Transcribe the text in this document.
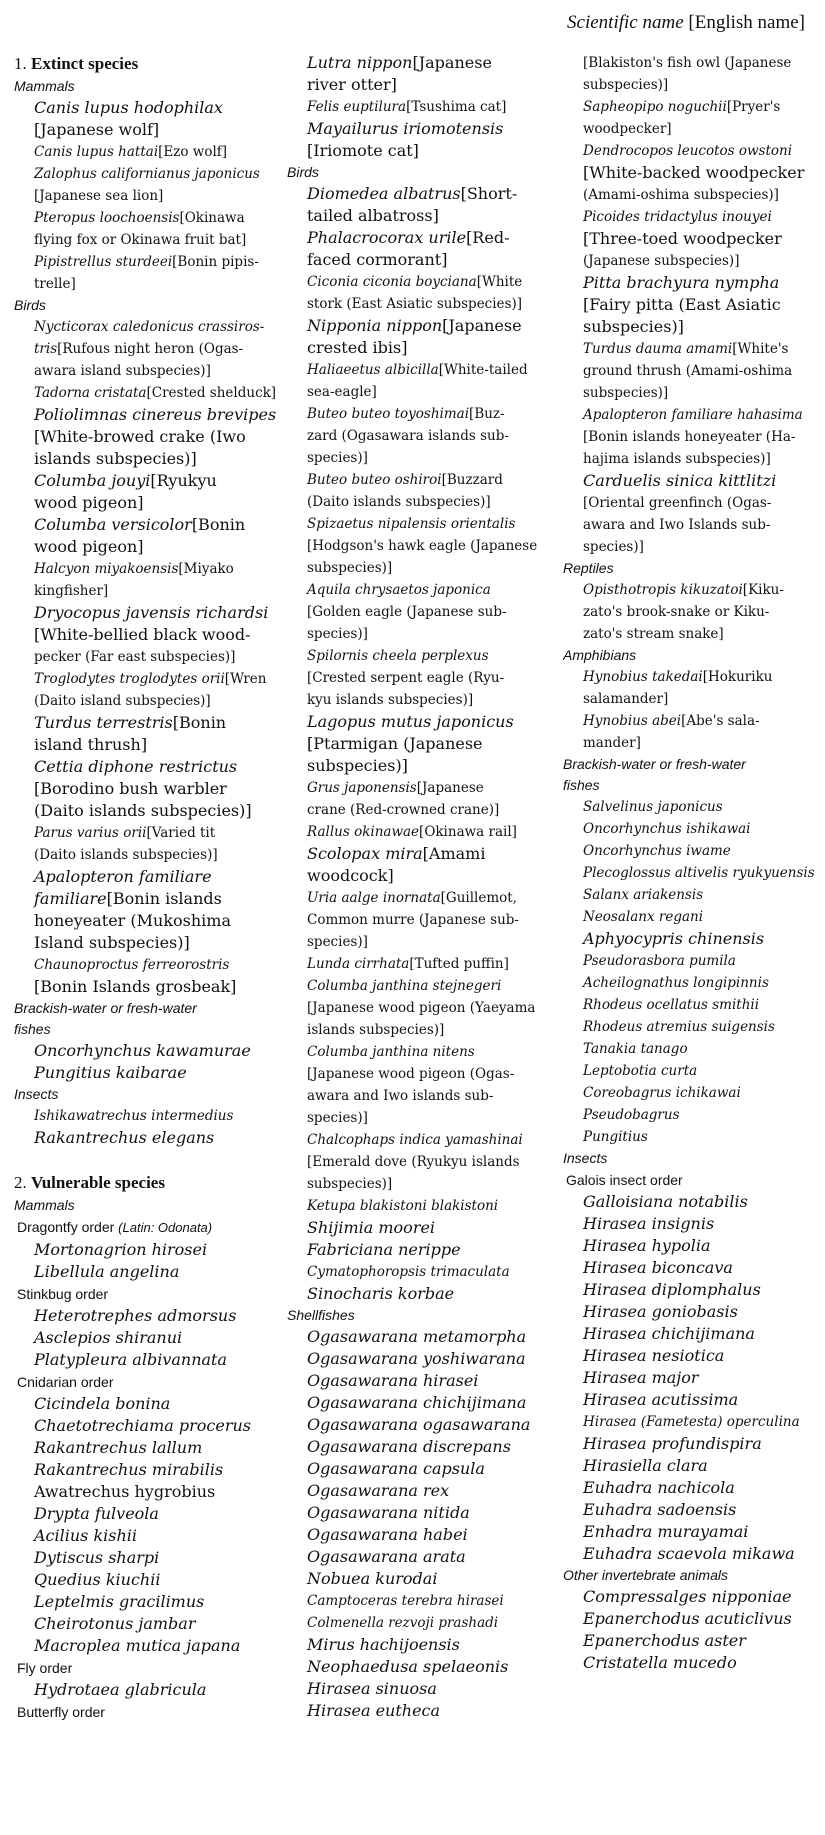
Scientific name [English name]
1. Extinct species
Mammals
Canis lupus hodophilax
[Japanese wolf]
Canis lupus hattai[Ezo wolf]
Zalophus californianus japonicus
[Japanese sea lion]
Pteropus loochoensis[Okinawa
flying fox or Okinawa fruit bat]
Pipistrellus sturdeei[Bonin pipis-
trelle]
Birds
Nycticorax caledonicus crassiros-
tris[Rufous night heron (Ogas-
awara island subspecies)]
Tadorna cristata[Crested shelduck]
Poliolimnas cinereus brevipes
[White-browed crake (Iwo
islands subspecies)]
Columba jouyi[Ryukyu
wood pigeon]
Columba versicolor[Bonin
wood pigeon]
Halcyon miyakoensis[Miyako
kingfisher]
Dryocopus javensis richardsi
[White-bellied black wood-
pecker (Far east subspecies)]
Troglodytes troglodytes orii[Wren
(Daito island subspecies)]
Turdus terrestris[Bonin
island thrush]
Cettia diphone restrictus
[Borodino bush warbler
(Daito islands subspecies)]
Parus varius orii[Varied tit
(Daito islands subspecies)]
Apalopteron familiare
familiare[Bonin islands
honeyeater (Mukoshima
Island subspecies)]
Chaunoproctus ferreorostris
[Bonin Islands grosbeak]
Brackish-water or fresh-water
fishes
Oncorhynchus kawamurae
Pungitius kaibarae
Insects
Ishikawatrechus intermedius
Rakantrechus elegans
2. Vulnerable species
Mammals
Dragontfy order (Latin: Odonata)
Mortonagrion hirosei
Libellula angelina
Stinkbug order
Heterotrephes admorsus
Asclepios shiranui
Platypleura albivannata
Cnidarian order
Cicindela bonina
Chaetotrechiama procerus
Rakantrechus lallum
Rakantrechus mirabilis
Awatrechus hygrobius
Drypta fulveola
Acilius kishii
Dytiscus sharpi
Quedius kiuchii
Leptelmis gracilimus
Cheirotonus jambar
Macroplea mutica japana
Fly order
Hydrotaea glabricula
Butterfly order
Lutra nippon[Japanese
river otter]
Felis euptilura[Tsushima cat]
Mayailurus iriomotensis
[Iriomote cat]
Birds
Diomedea albatrus[Short-
tailed albatross]
Phalacrocorax urile[Red-
faced cormorant]
Ciconia ciconia boyciana[White
stork (East Asiatic subspecies)]
Nipponia nippon[Japanese
crested ibis]
Haliaeetus albicilla[White-tailed
sea-eagle]
Buteo buteo toyoshimai[Buz-
zard (Ogasawara islands sub-
species)]
Buteo buteo oshiroi[Buzzard
(Daito islands subspecies)]
Spizaetus nipalensis orientalis
[Hodgson's hawk eagle (Japanese
subspecies)]
Aquila chrysaetos japonica
[Golden eagle (Japanese sub-
species)]
Spilornis cheela perplexus
[Crested serpent eagle (Ryu-
kyu islands subspecies)]
Lagopus mutus japonicus
[Ptarmigan (Japanese
subspecies)]
Grus japonensis[Japanese
crane (Red-crowned crane)]
Rallus okinawae[Okinawa rail]
Scolopax mira[Amami
woodcock]
Uria aalge inornata[Guillemot,
Common murre (Japanese sub-
species)]
Lunda cirrhata[Tufted puffin]
Columba janthina stejnegeri
[Japanese wood pigeon (Yaeyama
islands subspecies)]
Columba janthina nitens
[Japanese wood pigeon (Ogas-
awara and Iwo islands sub-
species)]
Chalcophaps indica yamashinai
[Emerald dove (Ryukyu islands
subspecies)]
Ketupa blakistoni blakistoni
Shijimia moorei
Fabriciana nerippe
Cymatophoropsis trimaculata
Sinocharis korbae
Shellfishes
Ogasawarana metamorpha
Ogasawarana yoshiwarana
Ogasawarana hiraseі
Ogasawarana chichijimana
Ogasawarana ogasawarana
Ogasawarana discrepans
Ogasawarana capsula
Ogasawarana rex
Ogasawarana nitida
Ogasawarana habei
Ogasawarana arata
Nobuea kurodai
Camptoceras terebra hirasei
Colmenella rezvoji prashadi
Mirus hachijoensis
Neophaedusa spelaeonis
Hirasea sinuosa
Hirasea eutheca
[Blakiston's fish owl (Japanese
subspecies)]
Sapheopipo noguchii[Pryer's
woodpecker]
Dendrocopos leucotos owstoni
[White-backed woodpecker
(Amami-oshima subspecies)]
Picoides tridactylus inouyei
[Three-toed woodpecker
(Japanese subspecies)]
Pitta brachyura nympha
[Fairy pitta (East Asiatic
subspecies)]
Turdus dauma amami[White's
ground thrush (Amami-oshima
subspecies)]
Apalopteron familiare hahasima
[Bonin islands honeyeater (Ha-
hajima islands subspecies)]
Carduelis sinica kittlitzi
[Oriental greenfinch (Ogas-
awara and Iwo Islands sub-
species)]
Reptiles
Opisthotropis kikuzatoi[Kiku-
zato's brook-snake or Kiku-
zato's stream snake]
Amphibians
Hynobius takedai[Hokuriku
salamander]
Hynobius abei[Abe's sala-
mander]
Brackish-water or fresh-water
fishes
Salvelinus japonicus
Oncorhynchus ishikawai
Oncorhynchus iwame
Plecoglossus altivelis ryukyuensis
Salanx ariakensis
Neosalanx regani
Aphyocypris chinensis
Pseudorasbora pumila
Acheilognathus longipinnis
Rhodeus ocellatus smithii
Rhodeus atremius suigensis
Tanakia tanago
Leptobotia curta
Coreobagrus ichikawai
Pseudobagrus
Pungitius
Insects
Galois insect order
Galloisiana notabilis
Hirasea insignis
Hirasea hypolia
Hirasea biconcava
Hirasea diplomphalus
Hirasea goniobasis
Hirasea chichijimana
Hirasea nesiotica
Hirasea major
Hirasea acutissima
Hirasea (Fametesta) operculina
Hirasea profundispira
Hirasiella clara
Euhadra nachicola
Euhadra sadoensis
Enhadra murayamai
Euhadra scaevola mikawa
Other invertebrate animals
Compressalges nipponiae
Epanerchodus acuticlivus
Epanerchodus aster
Cristatella mucedo
